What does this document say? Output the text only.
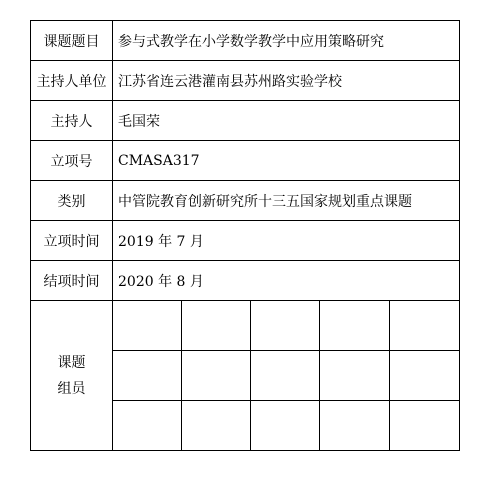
课题题目	参与式教学在小学数学教学中应用策略研究				
主持人单位	江苏省连云港灌南县苏州路实验学校				
主持人	毛国荣				
立项号	CMASA317				
类别	中管院教育创新研究所十三五国家规划重点课题				
立项时间	2019 年 7 月				
结项时间	2020 年 8 月				

课题
组员					
